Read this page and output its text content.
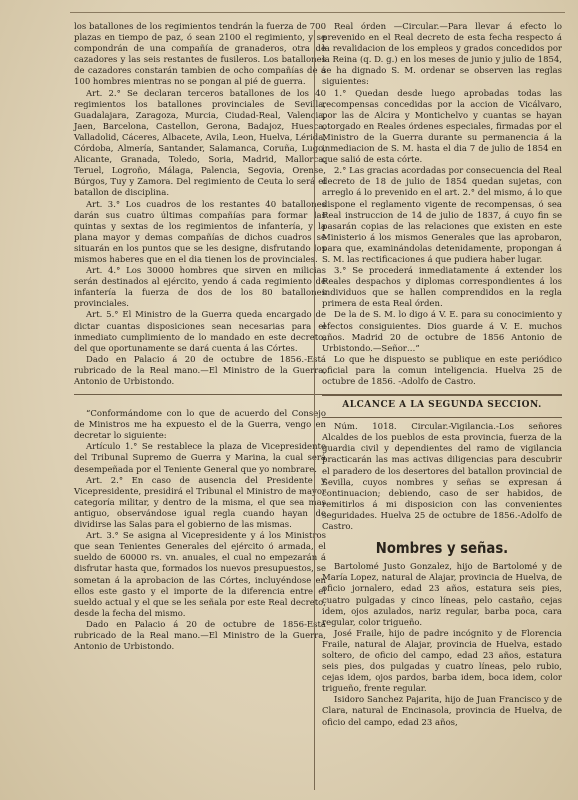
los batallones de los regimientos tendrán la fuerza de 700 plazas en tiempo de paz, ó sean 2100 el regimiento, y se compondrán de una compañía de granaderos, otra de cazadores y las seis restantes de fusileros. Los batallones de cazadores constarán tambien de ocho compañías de á 100 hombres mientras no se pongan al pié de guerra.

Art. 2.° Se declaran terceros batallones de los 40 regimientos los batallones provinciales de Sevilla, Guadalajara, Zaragoza, Murcia, Ciudad-Real, Valencia, Jaen, Barcelona, Castellon, Gerona, Badajoz, Huesca, Valladolid, Cáceres, Albacete, Avila, Leon, Huelva, Lérida, Córdoba, Almería, Santander, Salamanca, Coruña, Lugo, Alicante, Granada, Toledo, Soria, Madrid, Mallorca, Teruel, Logroño, Málaga, Palencia, Segovia, Orense, Búrgos, Tuy y Zamora. Del regimiento de Ceuta lo será el batallon de disciplina.

Art. 3.° Los cuadros de los restantes 40 batallones darán sus cuatro últimas compañías para formar las quintas y sextas de los regimientos de infantería, y la plana mayor y demas compañías de dichos cuadros se situarán en los puntos que se les designe, disfrutando los mismos haberes que en el dia tienen los de provinciales.

Art. 4.° Los 30000 hombres que sirven en milicias serán destinados al ejército, yendo á cada regimiento de infantería la fuerza de dos de los 80 batallones provinciales.

Art. 5.° El Ministro de la Guerra queda encargado de dictar cuantas disposiciones sean necesarias para el inmediato cumplimiento de lo mandado en este decreto, del que oportunamente se dará cuenta á las Córtes.

Dado en Palacio á 20 de octubre de 1856.-Está rubricado de la Real mano.—El Ministro de la Guerra, Antonio de Urbistondo.

“Conformándome con lo que de acuerdo del Consejo de Ministros me ha expuesto el de la Guerra, vengo en decretar lo siguiente:

Artículo 1.° Se restablece la plaza de Vicepresidente del Tribunal Supremo de Guerra y Marina, la cual será desempeñada por el Teniente General que yo nombrare.

Art. 2.° En caso de ausencia del Presidente y Vicepresidente, presidirá el Tribunal el Ministro de mayor categoría militar, y dentro de la misma, el que sea mas antiguo, observándose igual regla cuando hayan de dividirse las Salas para el gobierno de las mismas.

Art. 3.° Se asigna al Vicepresidente y á los Ministros que sean Tenientes Generales del ejército ó armada, el sueldo de 60000 rs. vn. anuales, el cual no empezarán á disfrutar hasta que, formados los nuevos presupuestos, se sometan á la aprobacion de las Córtes, incluyéndose en ellos este gasto y el importe de la diferencia entre el sueldo actual y el que se les señala por este Real decreto, desde la fecha del mismo.

Dado en Palacio á 20 de octubre de 1856-Está rubricado de la Real mano.—El Ministro de la Guerra, Antonio de Urbistondo.

Real órden —Circular.—Para llevar á efecto lo prevenido en el Real decreto de esta fecha respecto á la revalidacion de los empleos y grados concedidos por la Reina (q. D. g.) en los meses de junio y julio de 1854, se ha dignado S. M. ordenar se observen las reglas siguientes:

1.° Quedan desde luego aprobadas todas las recompensas concedidas por la accion de Vicálvaro, por las de Alcira y Montichelvo y cuantas se hayan otorgado en Reales órdenes especiales, firmadas por el Ministro de la Guerra durante su permanencia á la inmediacion de S. M. hasta el dia 7 de julio de 1854 en que salió de esta córte.

2.° Las gracias acordadas por consecuencia del Real decreto de 18 de julio de 1854 quedan sujetas, con arreglo á lo prevenido en el art. 2.° del mismo, á lo que dispone el reglamento vigente de recompensas, ó sea Real instruccion de 14 de julio de 1837, á cuyo fin se pasarán copias de las relaciones que existen en este Ministerio á los mismos Generales que las aprobaron, para que, examinándolas detenidamente, propongan á S. M. las rectificaciones á que pudiera haber lugar.

3.° Se procederá inmediatamente á extender los Reales despachos y diplomas correspondientes á los individuos que se hallen comprendidos en la regla primera de esta Real órden.

De la de S. M. lo digo á V. E. para su conocimiento y efectos consiguientes. Dios guarde á V. E. muchos años. Madrid 20 de octubre de 1856 Antonio de Urbistondo.—Señor…”

Lo que he dispuesto se publique en este periódico oficial para la comun inteligencia. Huelva 25 de octubre de 1856. -Adolfo de Castro.

ALCANCE A LA SEGUNDA SECCION.

Núm. 1018. Circular.-Vigilancia.-Los señores Alcaldes de los pueblos de esta provincia, fuerza de la guardia civil y dependientes del ramo de vigilancia practicarán las mas activas diligencias para descubrir el paradero de los desertores del batallon provincial de Sevilla, cuyos nombres y señas se expresan á continuacion; debiendo, caso de ser habidos, de remitirlos á mi disposicion con las convenientes seguridades. Huelva 25 de octubre de 1856.-Adolfo de Castro.

Nombres y señas.

Bartolomé Justo Gonzalez, hijo de Bartolomé y de María Lopez, natural de Alajar, provincia de Huelva, de oficio jornalero, edad 23 años, estatura seis pies, cuatro pulgadas y cinco líneas, pelo castaño, cejas idem, ojos azulados, nariz regular, barba poca, cara regular, color trigueño.

José Fraile, hijo de padre incógnito y de Florencia Fraile, natural de Alajar, provincia de Huelva, estado soltero, de oficio del campo, edad 23 años, estatura seis pies, dos pulgadas y cuatro líneas, pelo rubio, cejas idem, ojos pardos, barba idem, boca idem, color trigueño, frente regular.

Isidoro Sanchez Pajarita, hijo de Juan Francisco y de Clara, natural de Encinasola, provincia de Huelva, de oficio del campo, edad 23 años,
